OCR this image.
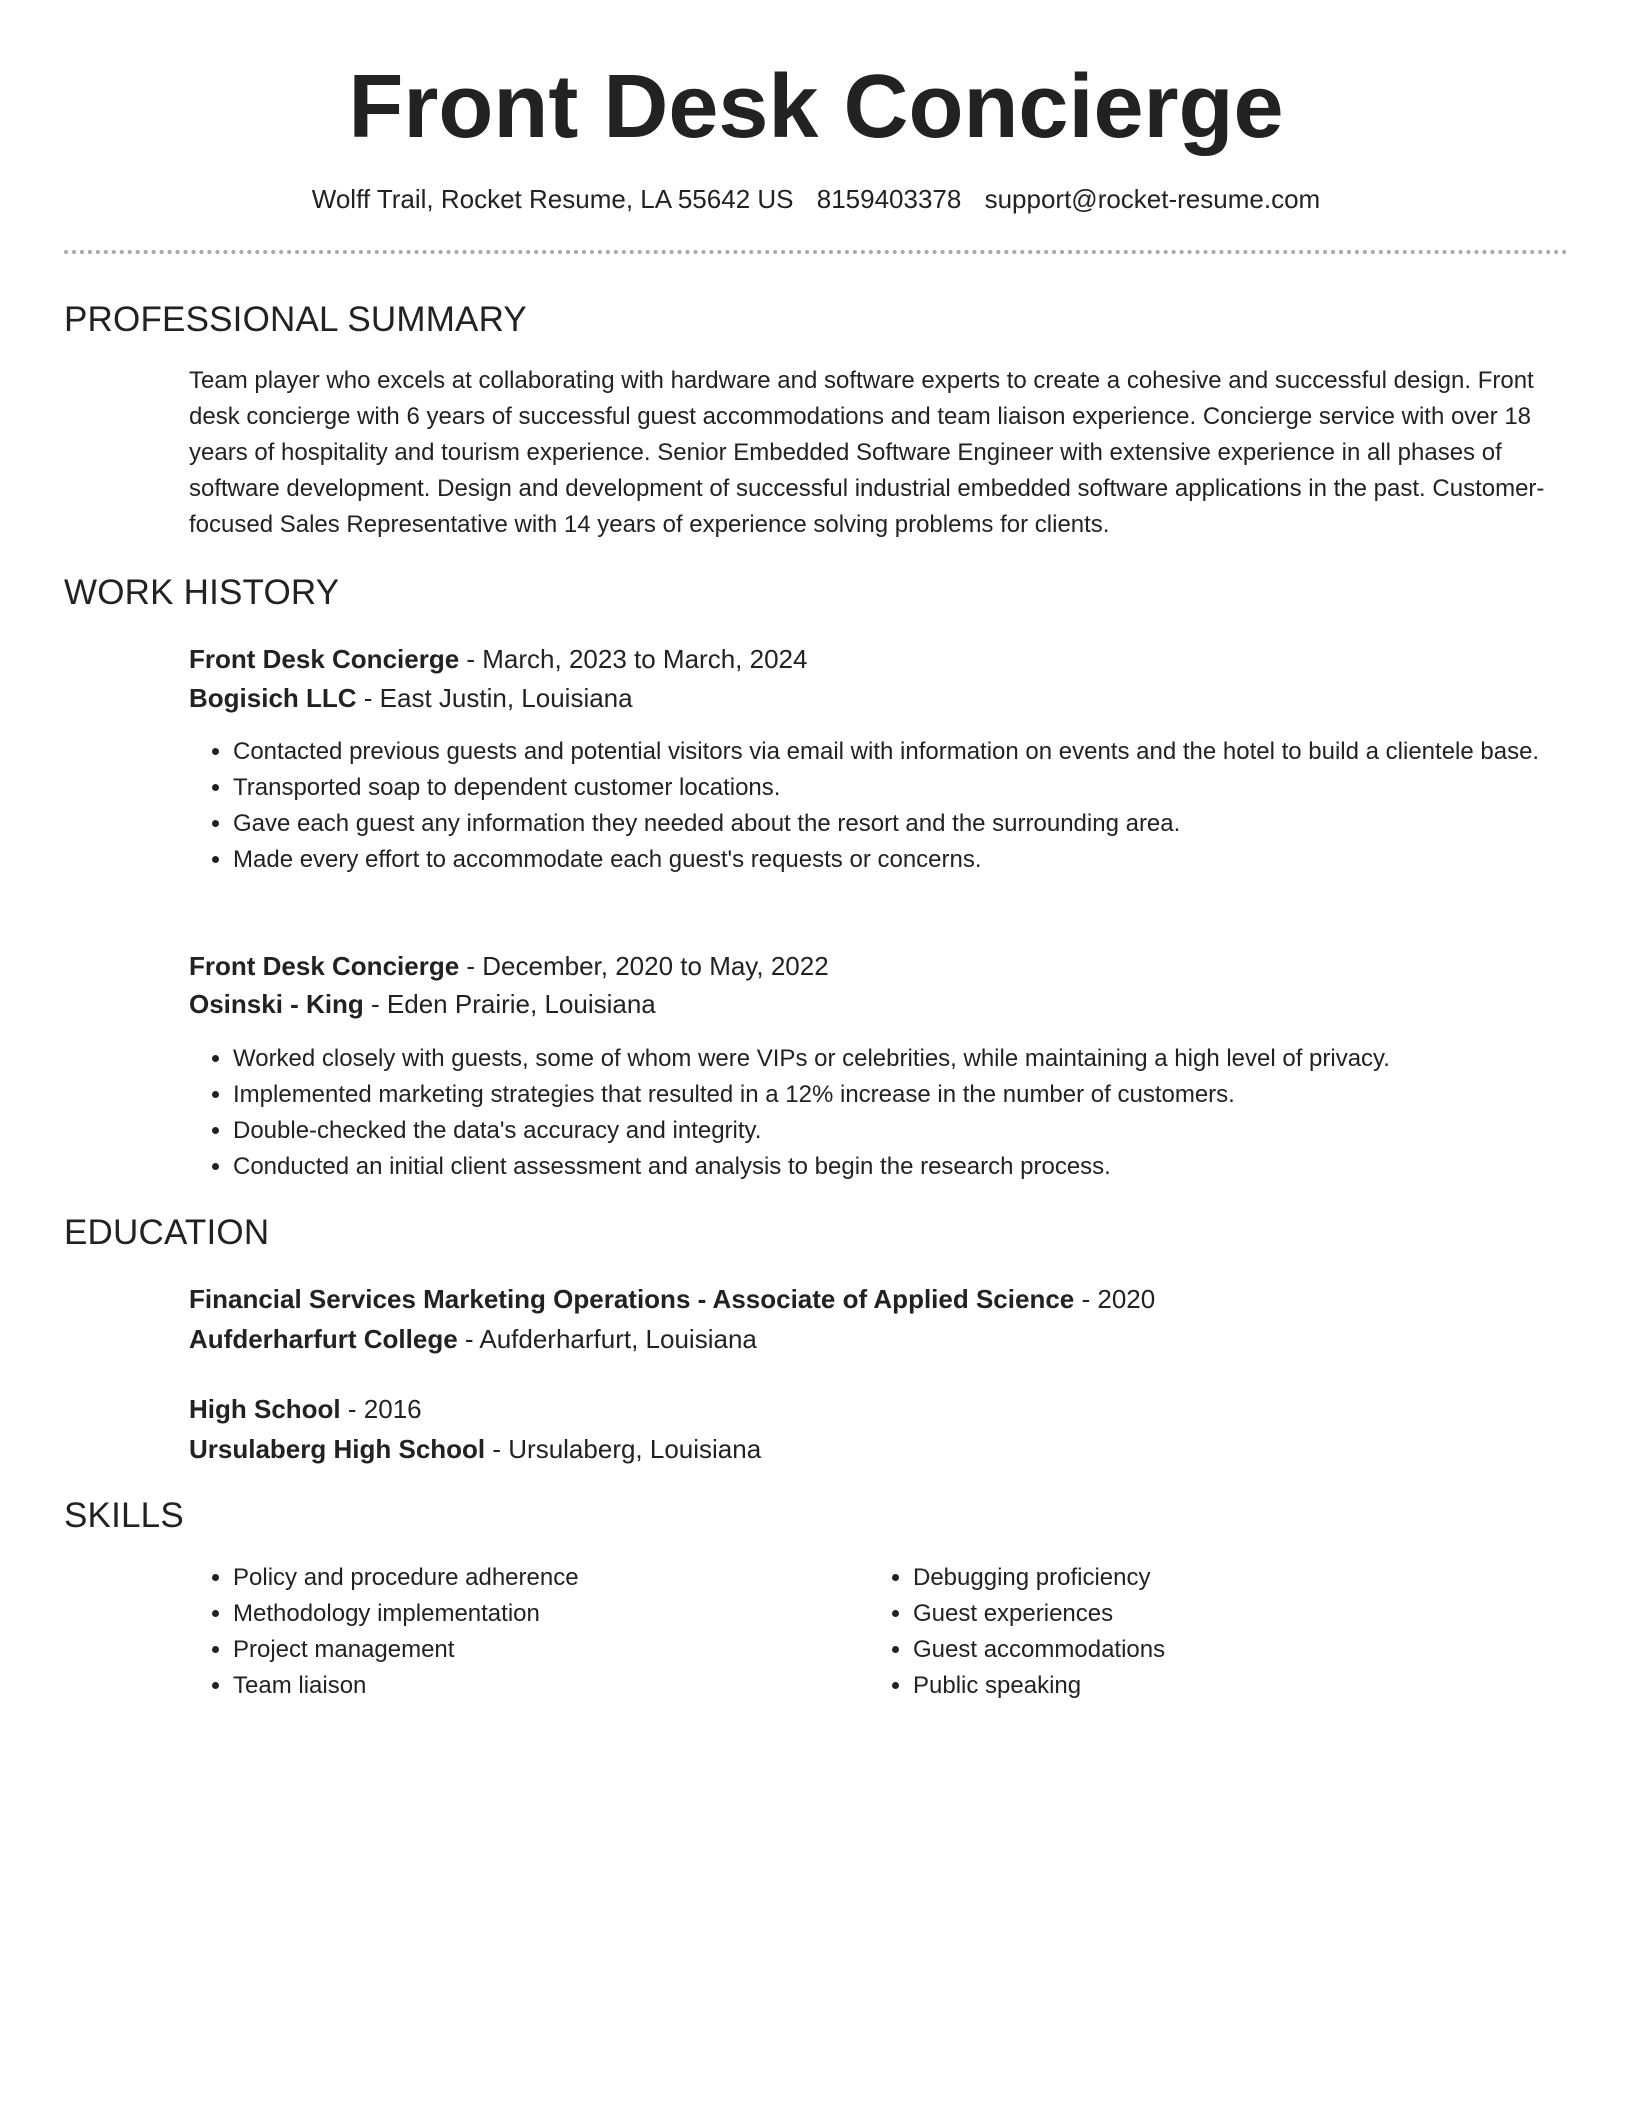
Front Desk Concierge
Wolff Trail, Rocket Resume, LA 55642 US 8159403378 support@rocket-resume.com
PROFESSIONAL SUMMARY

Team player who excels at collaborating with hardware and software experts to create a cohesive and successful design. Front desk concierge with 6 years of successful guest accommodations and team liaison experience. Concierge service with over 18 years of hospitality and tourism experience. Senior Embedded Software Engineer with extensive experience in all phases of software development. Design and development of successful industrial embedded software applications in the past. Customer-focused Sales Representative with 14 years of experience solving problems for clients.

WORK HISTORY
Front Desk Concierge - March, 2023 to March, 2024
Bogisich LLC - East Justin, Louisiana
• Contacted previous guests and potential visitors via email with information on events and the hotel to build a clientele base.
• Transported soap to dependent customer locations.
• Gave each guest any information they needed about the resort and the surrounding area.
• Made every effort to accommodate each guest's requests or concerns.
Front Desk Concierge - December, 2020 to May, 2022
Osinski - King - Eden Prairie, Louisiana
• Worked closely with guests, some of whom were VIPs or celebrities, while maintaining a high level of privacy.
• Implemented marketing strategies that resulted in a 12% increase in the number of customers.
• Double-checked the data's accuracy and integrity.
• Conducted an initial client assessment and analysis to begin the research process.
EDUCATION
Financial Services Marketing Operations - Associate of Applied Science - 2020
Aufderharfurt College - Aufderharfurt, Louisiana
High School - 2016
Ursulaberg High School - Ursulaberg, Louisiana
SKILLS
• Policy and procedure adherence
• Methodology implementation
• Project management
• Team liaison
• Debugging proficiency
• Guest experiences
• Guest accommodations
• Public speaking
